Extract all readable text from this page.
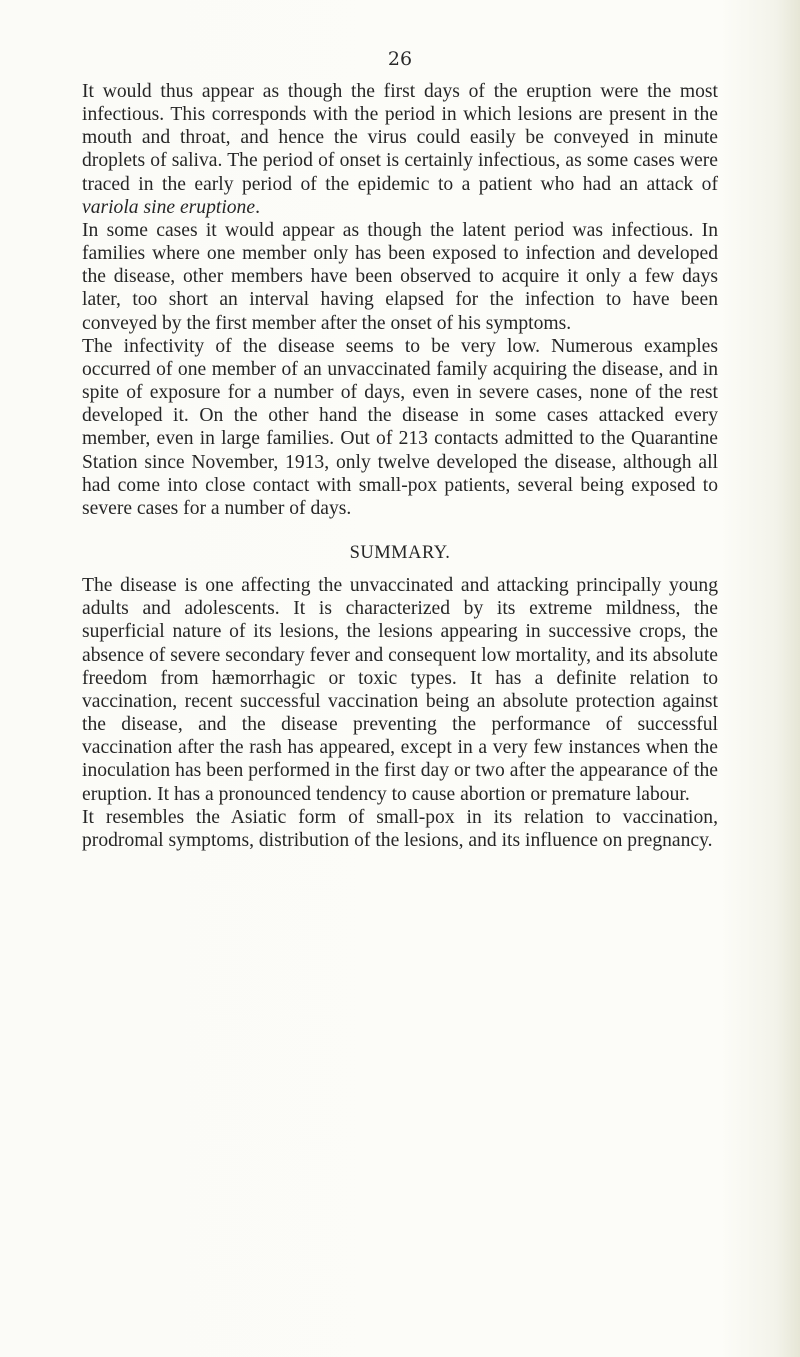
26

It would thus appear as though the first days of the eruption were the most infectious. This corresponds with the period in which lesions are present in the mouth and throat, and hence the virus could easily be conveyed in minute droplets of saliva. The period of onset is certainly infectious, as some cases were traced in the early period of the epidemic to a patient who had an attack of variola sine eruptione.

In some cases it would appear as though the latent period was infectious. In families where one member only has been exposed to infection and developed the disease, other members have been observed to acquire it only a few days later, too short an interval having elapsed for the infection to have been conveyed by the first member after the onset of his symptoms.

The infectivity of the disease seems to be very low. Numerous examples occurred of one member of an unvaccinated family acquiring the disease, and in spite of exposure for a number of days, even in severe cases, none of the rest developed it. On the other hand the disease in some cases attacked every member, even in large families. Out of 213 contacts admitted to the Quarantine Station since November, 1913, only twelve developed the disease, although all had come into close contact with small-pox patients, several being exposed to severe cases for a number of days.

SUMMARY.

The disease is one affecting the unvaccinated and attacking principally young adults and adolescents. It is characterized by its extreme mildness, the superficial nature of its lesions, the lesions appearing in successive crops, the absence of severe secondary fever and consequent low mortality, and its absolute freedom from hæmorrhagic or toxic types. It has a definite relation to vaccination, recent successful vaccination being an absolute protection against the disease, and the disease preventing the performance of successful vaccination after the rash has appeared, except in a very few instances when the inoculation has been performed in the first day or two after the appearance of the eruption. It has a pronounced tendency to cause abortion or premature labour.

It resembles the Asiatic form of small-pox in its relation to vaccination, prodromal symptoms, distribution of the lesions, and its influence on pregnancy.
